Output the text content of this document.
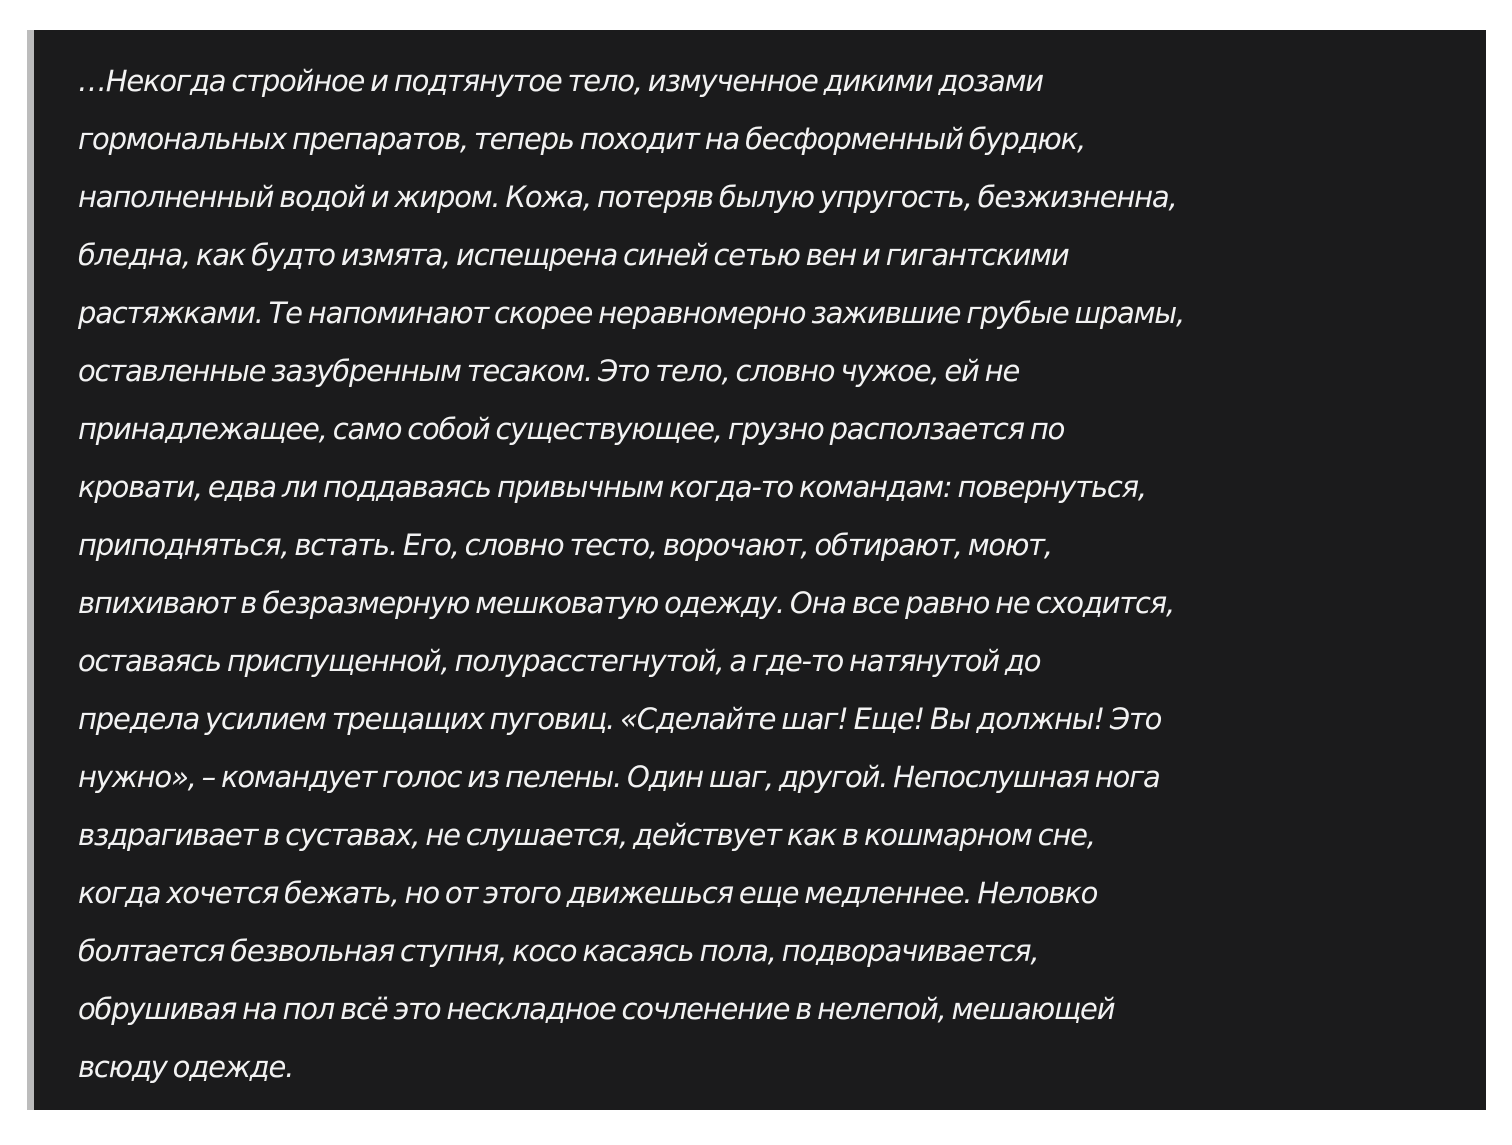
…Некогда стройное и подтянутое тело, измученное дикими дозами
гормональных препаратов, теперь походит на бесформенный бурдюк,
наполненный водой и жиром. Кожа, потеряв былую упругость, безжизненна,
бледна, как будто измята, испещрена синей сетью вен и гигантскими
растяжками. Те напоминают скорее неравномерно зажившие грубые шрамы,
оставленные зазубренным тесаком. Это тело, словно чужое, ей не
принадлежащее, само собой существующее, грузно расползается по
кровати, едва ли поддаваясь привычным когда-то командам: повернуться,
приподняться, встать. Его, словно тесто, ворочают, обтирают, моют,
впихивают в безразмерную мешковатую одежду. Она все равно не сходится,
оставаясь приспущенной, полурасстегнутой, а где-то натянутой до
предела усилием трещащих пуговиц. «Сделайте шаг! Еще! Вы должны! Это
нужно», – командует голос из пелены. Один шаг, другой. Непослушная нога
вздрагивает в суставах, не слушается, действует как в кошмарном сне,
когда хочется бежать, но от этого движешься еще медленнее. Неловко
болтается безвольная ступня, косо касаясь пола, подворачивается,
обрушивая на пол всё это нескладное сочленение в нелепой, мешающей
всюду одежде.
